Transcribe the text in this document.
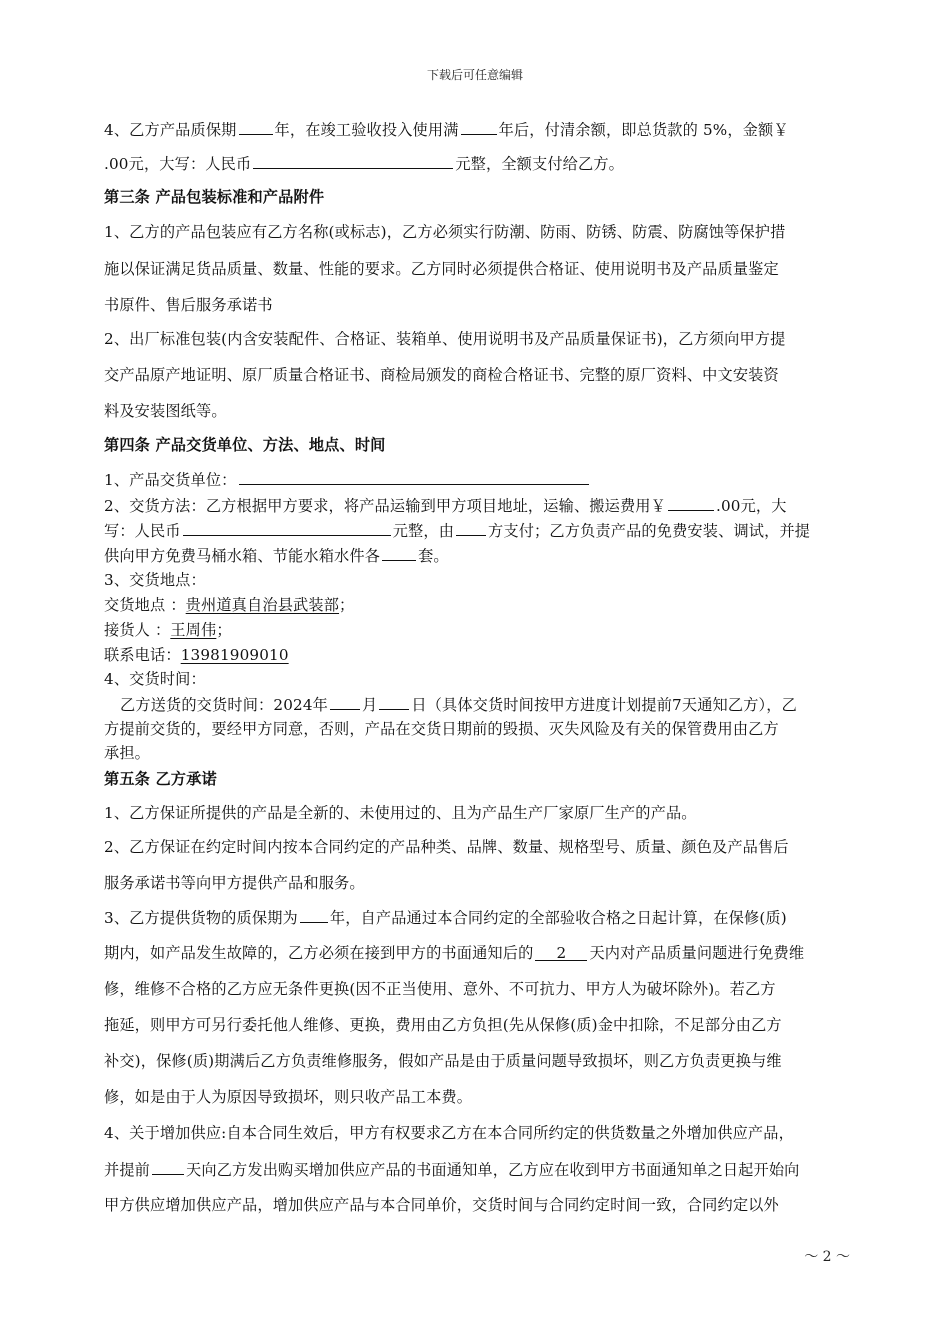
下载后可任意编辑
4、乙方产品质保期	年，在竣工验收投入使用满	年后，付清余额，即总货款的 5%，金额￥
.00元，大写：人民币	元整，全额支付给乙方。
第三条 产品包装标准和产品附件
1、乙方的产品包装应有乙方名称(或标志)，乙方必须实行防潮、防雨、防锈、防震、防腐蚀等保护措
施以保证满足货品质量、数量、性能的要求。乙方同时必须提供合格证、使用说明书及产品质量鉴定
书原件、售后服务承诺书
2、出厂标准包装(内含安装配件、合格证、装箱单、使用说明书及产品质量保证书)，乙方须向甲方提
交产品原产地证明、原厂质量合格证书、商检局颁发的商检合格证书、完整的原厂资料、中文安装资
料及安装图纸等。
第四条 产品交货单位、方法、地点、时间
1、产品交货单位：
2、交货方法：乙方根据甲方要求，将产品运输到甲方项目地址，运输、搬运费用￥	.00元，大
写：人民币	元整，由 方支付；乙方负责产品的免费安装、调试，并提
供向甲方免费马桶水箱、节能水箱水件各	套。
3、交货地点：
交货地点 ：贵州道真自治县武装部；
接货人 ：王周伟；
联系电话：13981909010
4、交货时间：
乙方送货的交货时间：2024年 月 日（具体交货时间按甲方进度计划提前7天通知乙方），乙
方提前交货的，要经甲方同意，否则，产品在交货日期前的毁损、灭失风险及有关的保管费用由乙方
承担。
第五条 乙方承诺
1、乙方保证所提供的产品是全新的、未使用过的、且为产品生产厂家原厂生产的产品。
2、乙方保证在约定时间内按本合同约定的产品种类、品牌、数量、规格型号、质量、颜色及产品售后
服务承诺书等向甲方提供产品和服务。
3、乙方提供货物的质保期为 年，自产品通过本合同约定的全部验收合格之日起计算，在保修(质)
期内，如产品发生故障的，乙方必须在接到甲方的书面通知后的 2 天内对产品质量问题进行免费维
修，维修不合格的乙方应无条件更换(因不正当使用、意外、不可抗力、甲方人为破坏除外)。若乙方
拖延，则甲方可另行委托他人维修、更换，费用由乙方负担(先从保修(质)金中扣除，不足部分由乙方
补交)，保修(质)期满后乙方负责维修服务，假如产品是由于质量问题导致损坏，则乙方负责更换与维
修，如是由于人为原因导致损坏，则只收产品工本费。
4、关于增加供应:自本合同生效后，甲方有权要求乙方在本合同所约定的供货数量之外增加供应产品，
并提前 天向乙方发出购买增加供应产品的书面通知单，乙方应在收到甲方书面通知单之日起开始向
甲方供应增加供应产品，增加供应产品与本合同单价，交货时间与合同约定时间一致，合同约定以外
～ 2 ～
